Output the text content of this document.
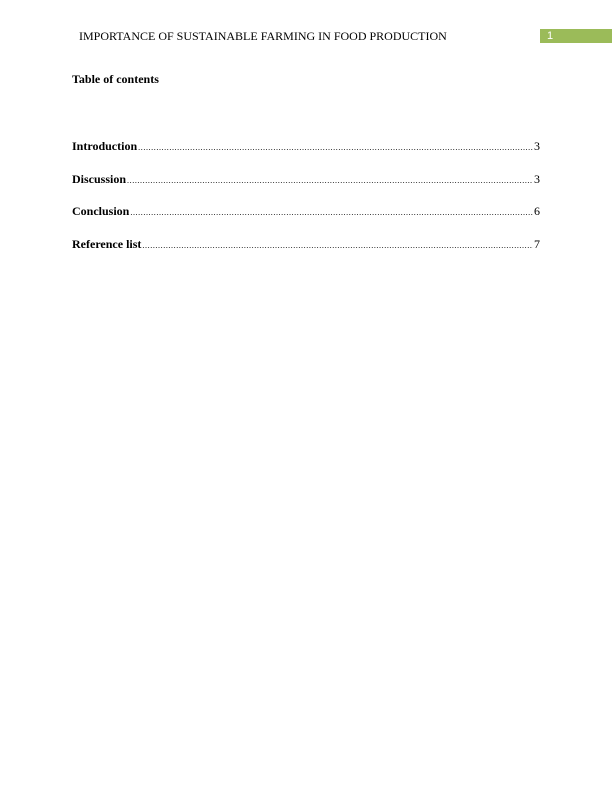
IMPORTANCE OF SUSTAINABLE FARMING IN FOOD PRODUCTION	1
Table of contents
Introduction .....	3
Discussion .....	3
Conclusion .....	6
Reference list .....	7
